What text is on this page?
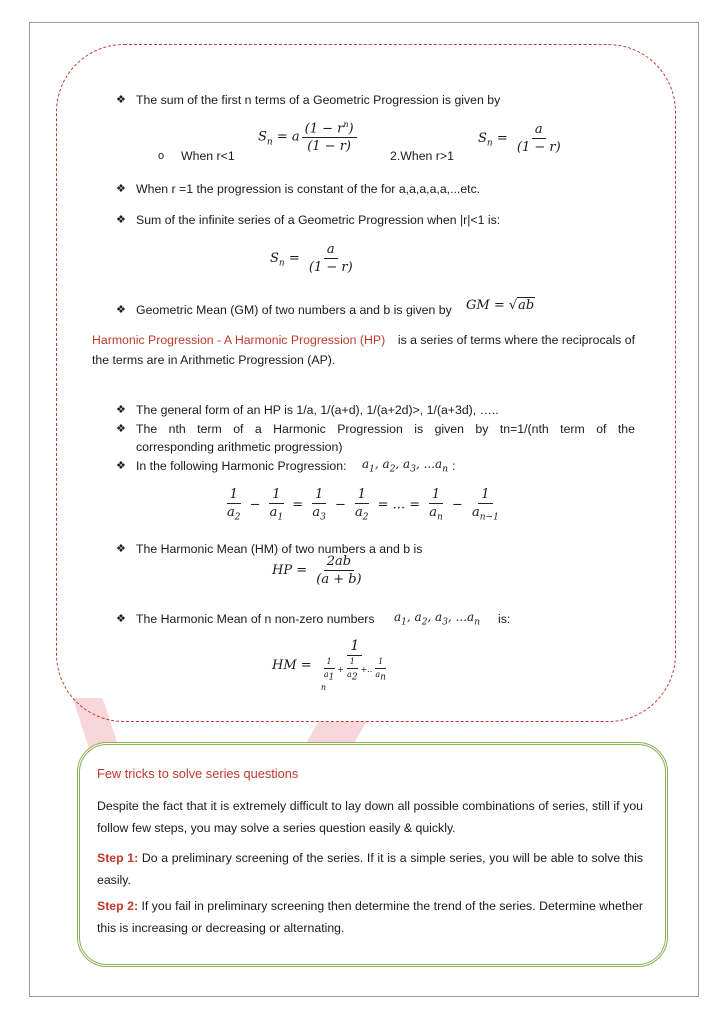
❖ The sum of the first n terms of a Geometric Progression is given by
$S_n = a \frac{(1 - r^n)}{(1 - r)}$	$S_n = \frac{a}{(1 - r)}$
o When r<1	2.When r>1
❖ When r =1 the progression is constant of the for a,a,a,a,a,...etc.
❖ Sum of the infinite series of a Geometric Progression when |r|<1 is:
$S_n = \frac{a}{(1 - r)}$
❖ Geometric Mean (GM) of two numbers a and b is given by GM = √ab
Harmonic Progression - A Harmonic Progression (HP) is a series of terms where the reciprocals of
the terms are in Arithmetic Progression (AP).
❖ The general form of an HP is 1/a, 1/(a+d), 1/(a+2d)>, 1/(a+3d), …..
❖ The nth term of a Harmonic Progression is given by tn=1/(nth term of the
corresponding arithmetic progression)
❖ In the following Harmonic Progression: $a_1$, $a_2$, $a_3$, $...a_n$ :
$\frac{1}{a_2} - \frac{1}{a_1} = \frac{1}{a_3} - \frac{1}{a_2}$ = ... = $\frac{1}{a_n} - \frac{1}{a_{n-1}}$
❖ The Harmonic Mean (HM) of two numbers a and b is
HP = $\frac{2ab}{(a + b)}$
❖ The Harmonic Mean of n non-zero numbers $a_1$, $a_2$, $a_3$, $...a_n$ is:
HM =
1
$\frac{1}{a_1} + \frac{1}{a_2}$ +.. $\frac{1}{a_n}$

n
Few tricks to solve series questions
Despite the fact that it is extremely difficult to lay down all possible combinations of series, still if you follow few steps, you may solve a series question easily & quickly.
Step 1: Do a preliminary screening of the series. If it is a simple series, you will be able to solve this easily.
Step 2: If you fail in preliminary screening then determine the trend of the series. Determine whether this is increasing or decreasing or alternating.
